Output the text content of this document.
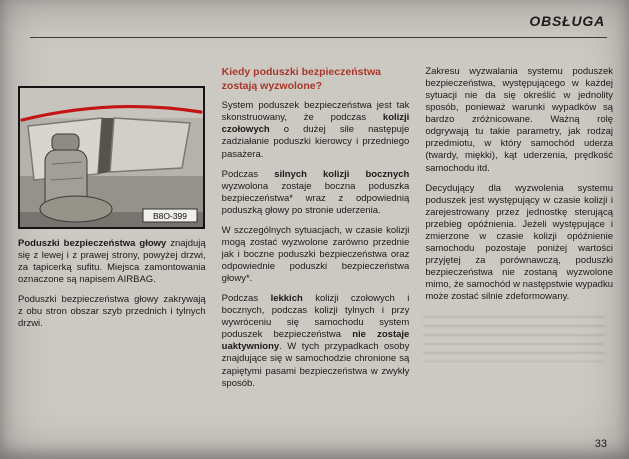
OBSŁUGA
B8O-399

Poduszki bezpieczeństwa głowy znajdują się z lewej i z prawej strony, powyżej drzwi, za tapicerką sufitu. Miejsca zamontowania oznaczone są napisem AIRBAG.

Poduszki bezpieczeństwa głowy zakrywają z obu stron obszar szyb przednich i tylnych drzwi.

Kiedy poduszki bezpieczeństwa zostają wyzwolone?

System poduszek bezpieczeństwa jest tak skonstruowany, że podczas kolizji czołowych o dużej sile następuje zadziałanie poduszki kierowcy i przedniego pasażera.

Podczas silnych kolizji bocznych wyzwolona zostaje boczna poduszka bezpieczeństwa* wraz z odpowiednią poduszką głowy po stronie uderzenia.

W szczególnych sytuacjach, w czasie kolizji mogą zostać wyzwolone zarówno przednie jak i boczne poduszki bezpieczeństwa oraz odpowiednie poduszki bezpieczeństwa głowy*.

Podczas lekkich kolizji czołowych i bocznych, podczas kolizji tylnych i przy wywróceniu się samochodu system poduszek bezpieczeństwa nie zostaje uaktywniony. W tych przypadkach osoby znajdujące się w samochodzie chronione są zapiętymi pasami bezpieczeństwa w zwykły sposób.

Zakresu wyzwalania systemu poduszek bezpieczeństwa, występującego w każdej sytuacji nie da się określić w jednolity sposób, ponieważ warunki wypadków są bardzo zróżnicowane. Ważną rolę odgrywają tu takie parametry, jak rodzaj przedmiotu, w który samochód uderza (twardy, miękki), kąt uderzenia, prędkość samochodu itd.

Decydujący dla wyzwolenia systemu poduszek jest występujący w czasie kolizji i zarejestrowany przez jednostkę sterującą przebieg opóźnienia. Jeżeli występujące i zmierzone w czasie kolizji opóźnienie samochodu pozostaje poniżej wartości przyjętej za porównawczą, poduszki bezpieczeństwa nie zostaną wyzwolone mimo, że samochód w następstwie wypadku może zostać silnie zdeformowany.

33
